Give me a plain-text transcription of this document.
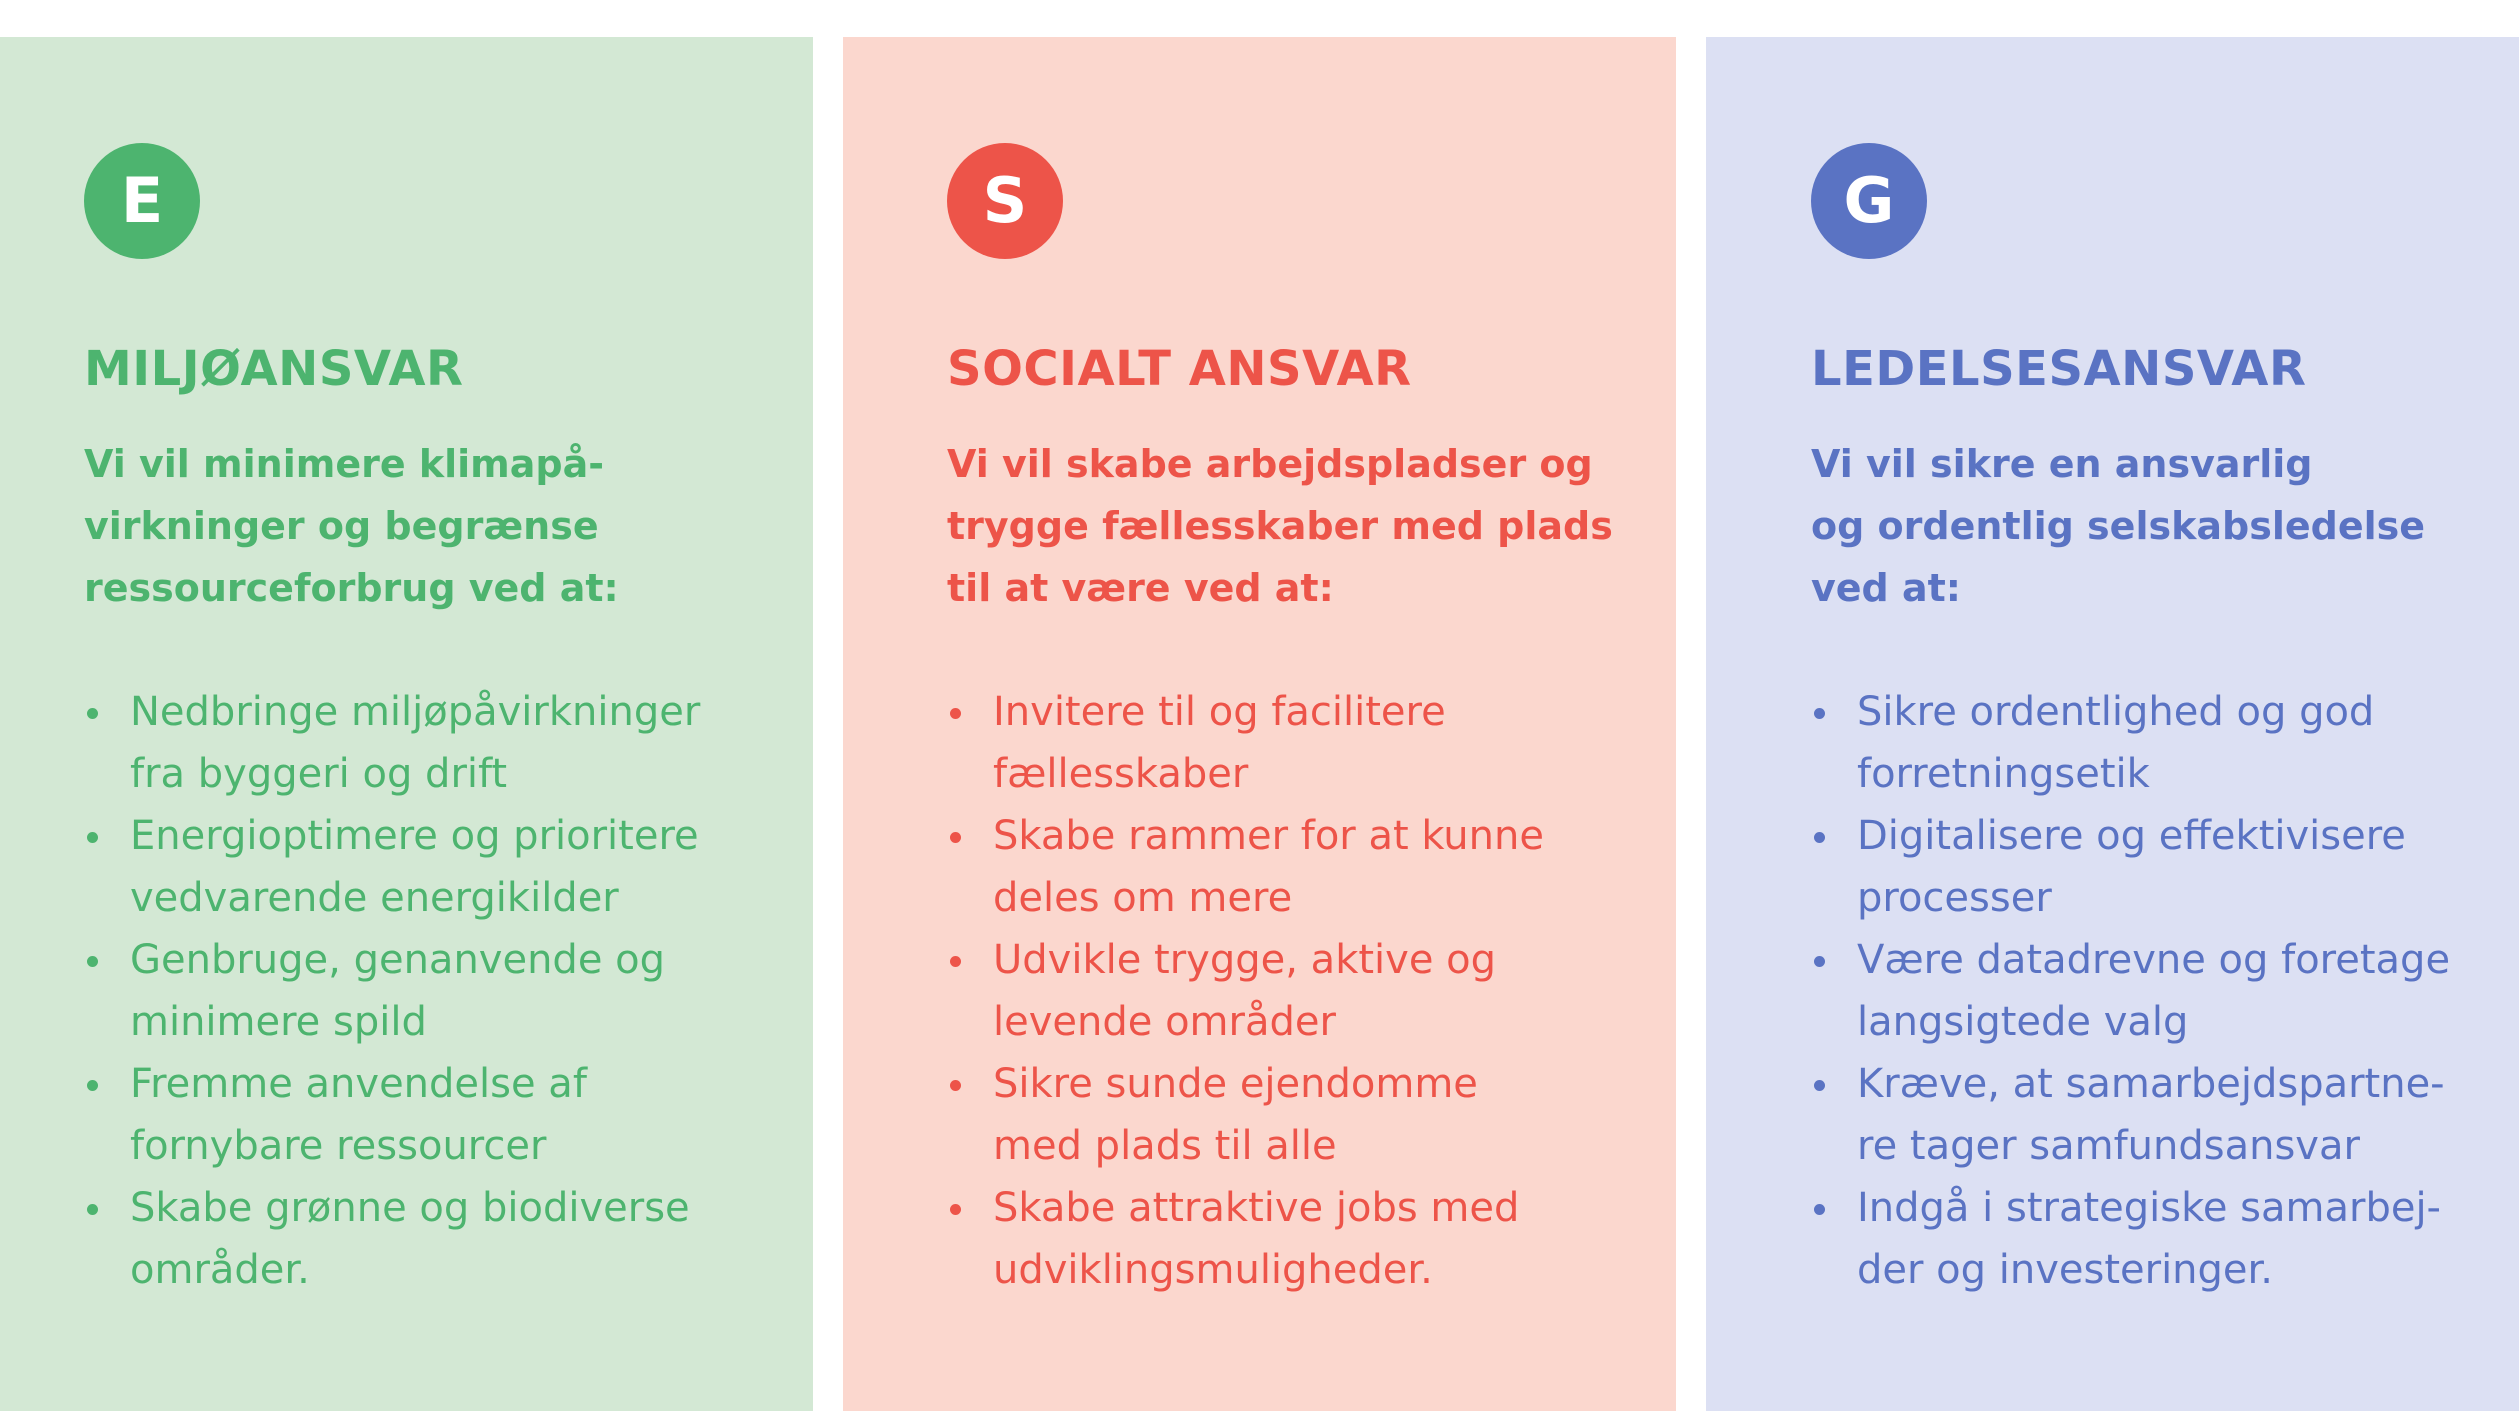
E
MILJØANSVAR

Vi vil minimere klimapå-
virkninger og begrænse
ressourceforbrug ved at:

Nedbringe miljøpåvirkninger
fra byggeri og drift
Energioptimere og prioritere
vedvarende energikilder
Genbruge, genanvende og
minimere spild
Fremme anvendelse af
fornybare ressourcer
Skabe grønne og biodiverse
områder.
S
SOCIALT ANSVAR

Vi vil skabe arbejdspladser og
trygge fællesskaber med plads
til at være ved at:

Invitere til og facilitere
fællesskaber
Skabe rammer for at kunne
deles om mere
Udvikle trygge, aktive og
levende områder
Sikre sunde ejendomme
med plads til alle
Skabe attraktive jobs med
udviklingsmuligheder.
G
LEDELSESANSVAR

Vi vil sikre en ansvarlig
og ordentlig selskabsledelse
ved at:

Sikre ordentlighed og god
forretningsetik
Digitalisere og effektivisere
processer
Være datadrevne og foretage
langsigtede valg
Kræve, at samarbejdspartne-
re tager samfundsansvar
Indgå i strategiske samarbej-
der og investeringer.
